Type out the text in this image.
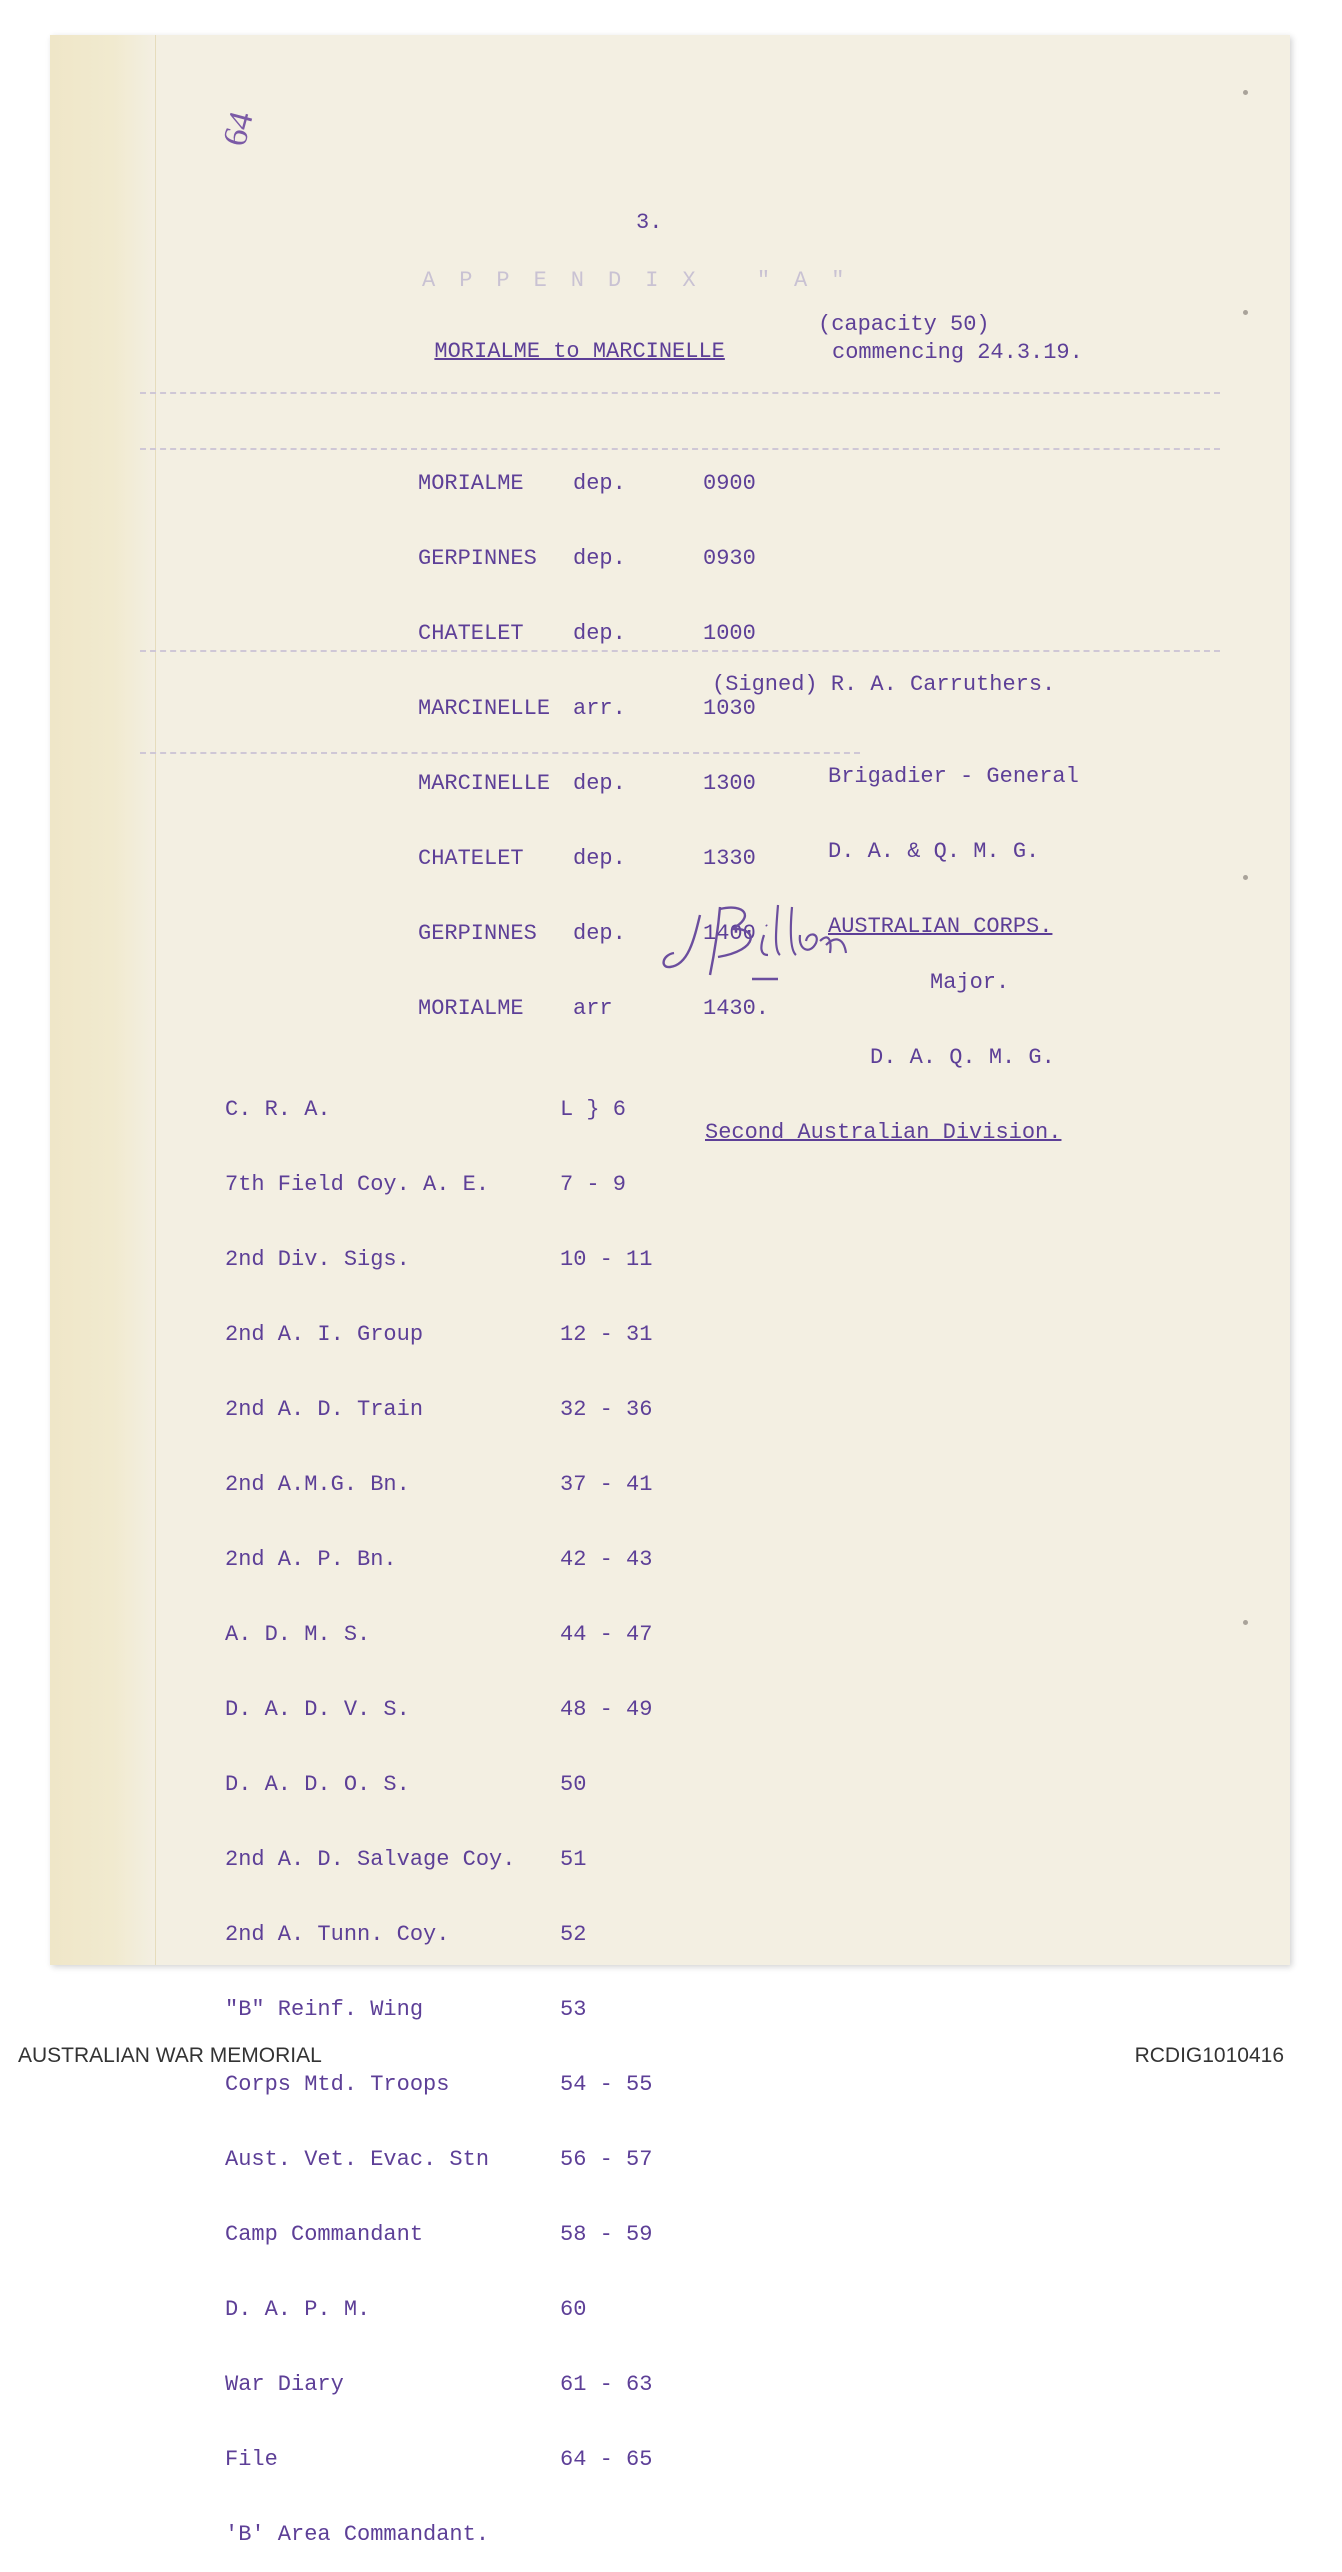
64
3.
APPENDIX "A"

MORIALME to MARCINELLE

(capacity 50)
commencing 24.3.19.

MORIALME	dep.	0900

GERPINNES	dep.	0930

CHATELET	dep.	1000

MARCINELLE	arr.	1030

MARCINELLE	dep.	1300

CHATELET	dep.	1330

GERPINNES	dep.	1400

MORIALME	arr	1430.

(Signed) R. A. Carruthers.

Brigadier - General

D. A. & Q. M. G.

AUSTRALIAN CORPS.

J Bilton

Major.

D. A. Q. M. G.

Second Australian Division.

C. R. A.	L } 6

7th Field Coy. A. E.	7 - 9

2nd Div. Sigs.	10 - 11

2nd A. I. Group	12 - 31

2nd A. D. Train	32 - 36

2nd A.M.G. Bn.	37 - 41

2nd A. P. Bn.	42 - 43

A. D. M. S.	44 - 47

D. A. D. V. S.	48 - 49

D. A. D. O. S.	50

2nd A. D. Salvage Coy.	51

2nd A. Tunn. Coy.	52

"B" Reinf. Wing	53

Corps Mtd. Troops	54 - 55

Aust. Vet. Evac. Stn	56 - 57

Camp Commandant	58 - 59

D. A. P. M.	60

War Diary	61 - 63

File	64 - 65

'B' Area Commandant.

AUSTRALIAN WAR MEMORIAL	RCDIG1010416
